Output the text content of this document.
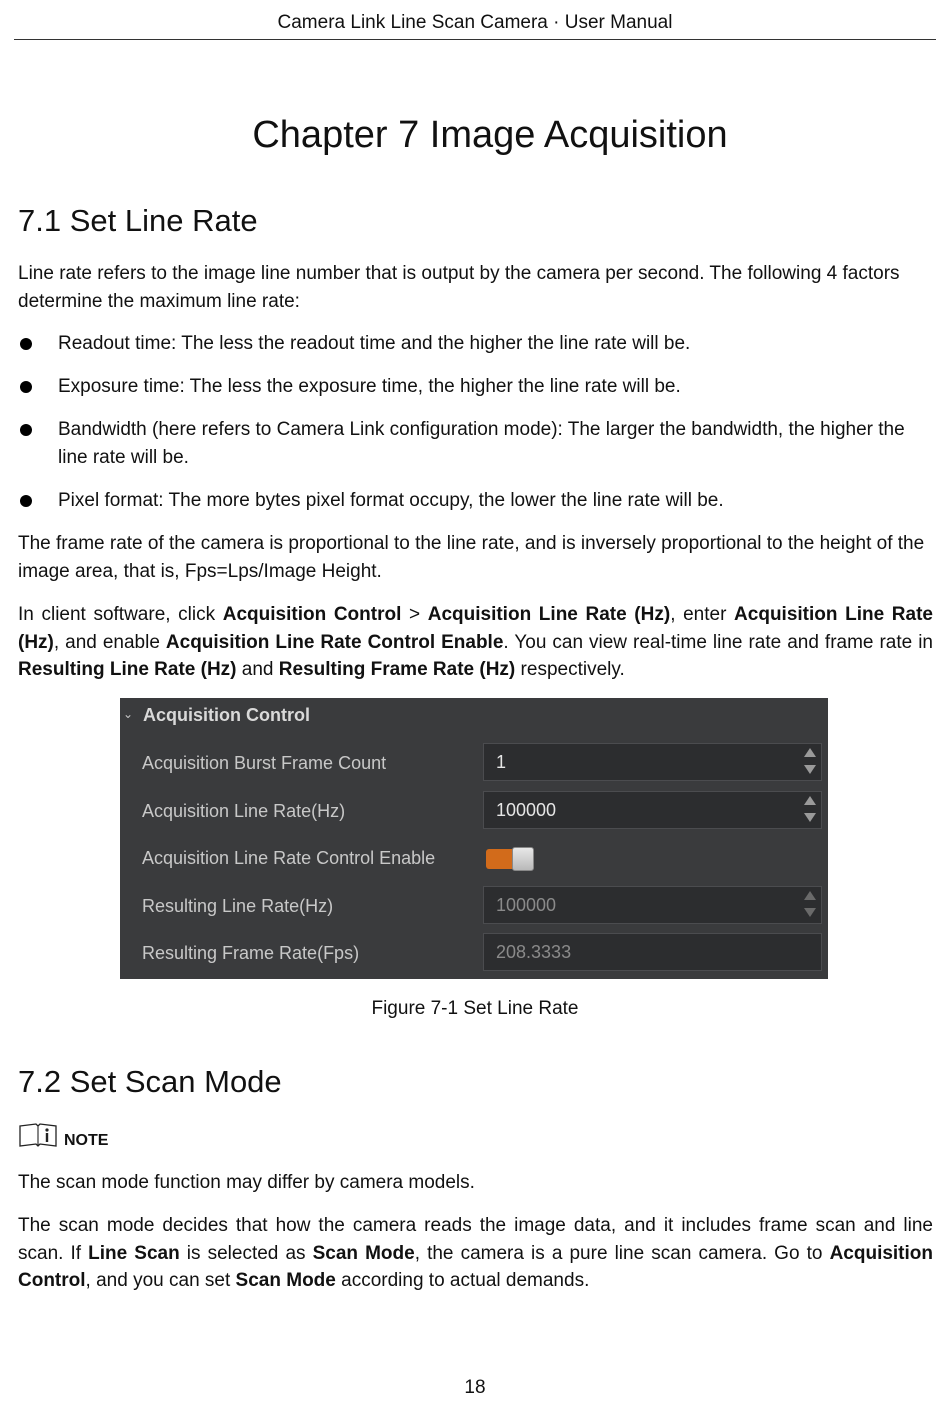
Camera Link Line Scan Camera · User Manual
Chapter 7 Image Acquisition
7.1 Set Line Rate

Line rate refers to the image line number that is output by the camera per second. The following 4 factors determine the maximum line rate:

Readout time: The less the readout time and the higher the line rate will be.
Exposure time: The less the exposure time, the higher the line rate will be.
Bandwidth (here refers to Camera Link configuration mode): The larger the bandwidth, the higher the line rate will be.
Pixel format: The more bytes pixel format occupy, the lower the line rate will be.

The frame rate of the camera is proportional to the line rate, and is inversely proportional to the height of the image area, that is, Fps=Lps/Image Height.

In client software, click Acquisition Control > Acquisition Line Rate (Hz), enter Acquisition Line Rate (Hz), and enable Acquisition Line Rate Control Enable. You can view real-time line rate and frame rate in Resulting Line Rate (Hz) and Resulting Frame Rate (Hz) respectively.

⌄ Acquisition Control
Acquisition Burst Frame Count	1
Acquisition Line Rate(Hz)	100000
Acquisition Line Rate Control Enable
Resulting Line Rate(Hz)	100000
Resulting Frame Rate(Fps)	208.3333
Figure 7-1 Set Line Rate
7.2 Set Scan Mode
NOTE

The scan mode function may differ by camera models.

The scan mode decides that how the camera reads the image data, and it includes frame scan and line scan. If Line Scan is selected as Scan Mode, the camera is a pure line scan camera. Go to Acquisition Control, and you can set Scan Mode according to actual demands.

18
